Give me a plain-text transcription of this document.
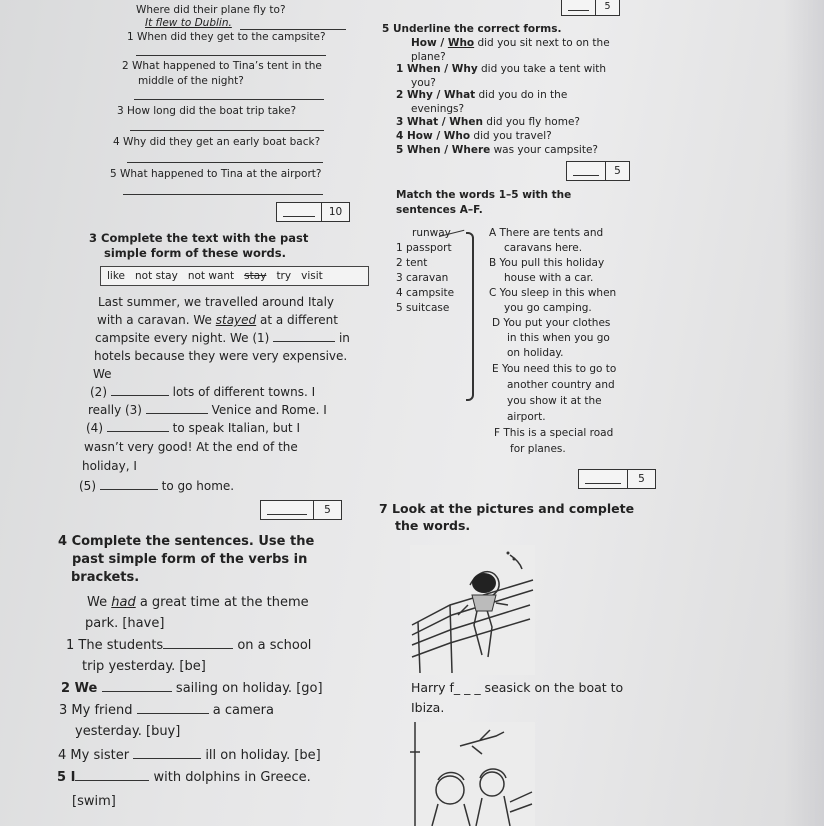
Where did their plane fly to?
It flew to Dublin.
1 When did they get to the campsite?
2 What happened to Tina’s tent in the
middle of the night?
3 How long did the boat trip take?
4 Why did they get an early boat back?
5 What happened to Tina at the airport?
10
5
5 Underline the correct forms.
How / Who did you sit next to on the
plane?
1 When / Why did you take a tent with
you?
2 Why / What did you do in the
evenings?
3 What / When did you fly home?
4 How / Who did you travel?
5 When / Where was your campsite?
5
Match the words 1–5 with the
sentences A–F.
runway
1 passport
2 tent
3 caravan
4 campsite
5 suitcase
A There are tents and
caravans here.
B You pull this holiday
house with a car.
C You sleep in this when
you go camping.
D You put your clothes
in this when you go
on holiday.
E You need this to go to
another country and
you show it at the
airport.
F This is a special road
for planes.
5
3 Complete the text with the past
simple form of these words.
like not stay not want stay try visit
Last summer, we travelled around Italy
with a caravan. We stayed at a different
campsite every night. We (1)	in
hotels because they were very expensive.
We
(2)	lots of different towns. I
really (3)	Venice and Rome. I
(4)	to speak Italian, but I
wasn’t very good! At the end of the
holiday, I
(5)	to go home.
5	7 Look at the pictures and complete
the words.
Harry f_ _ _ seasick on the boat to
Ibiza.
4 Complete the sentences. Use the
past simple form of the verbs in
brackets.
We had a great time at the theme
park. [have]
1 The students	on a school
trip yesterday. [be]
2 We	sailing on holiday. [go]
3 My friend	a camera
yesterday. [buy]
4 My sister	ill on holiday. [be]
5 I	with dolphins in Greece.
[swim]
